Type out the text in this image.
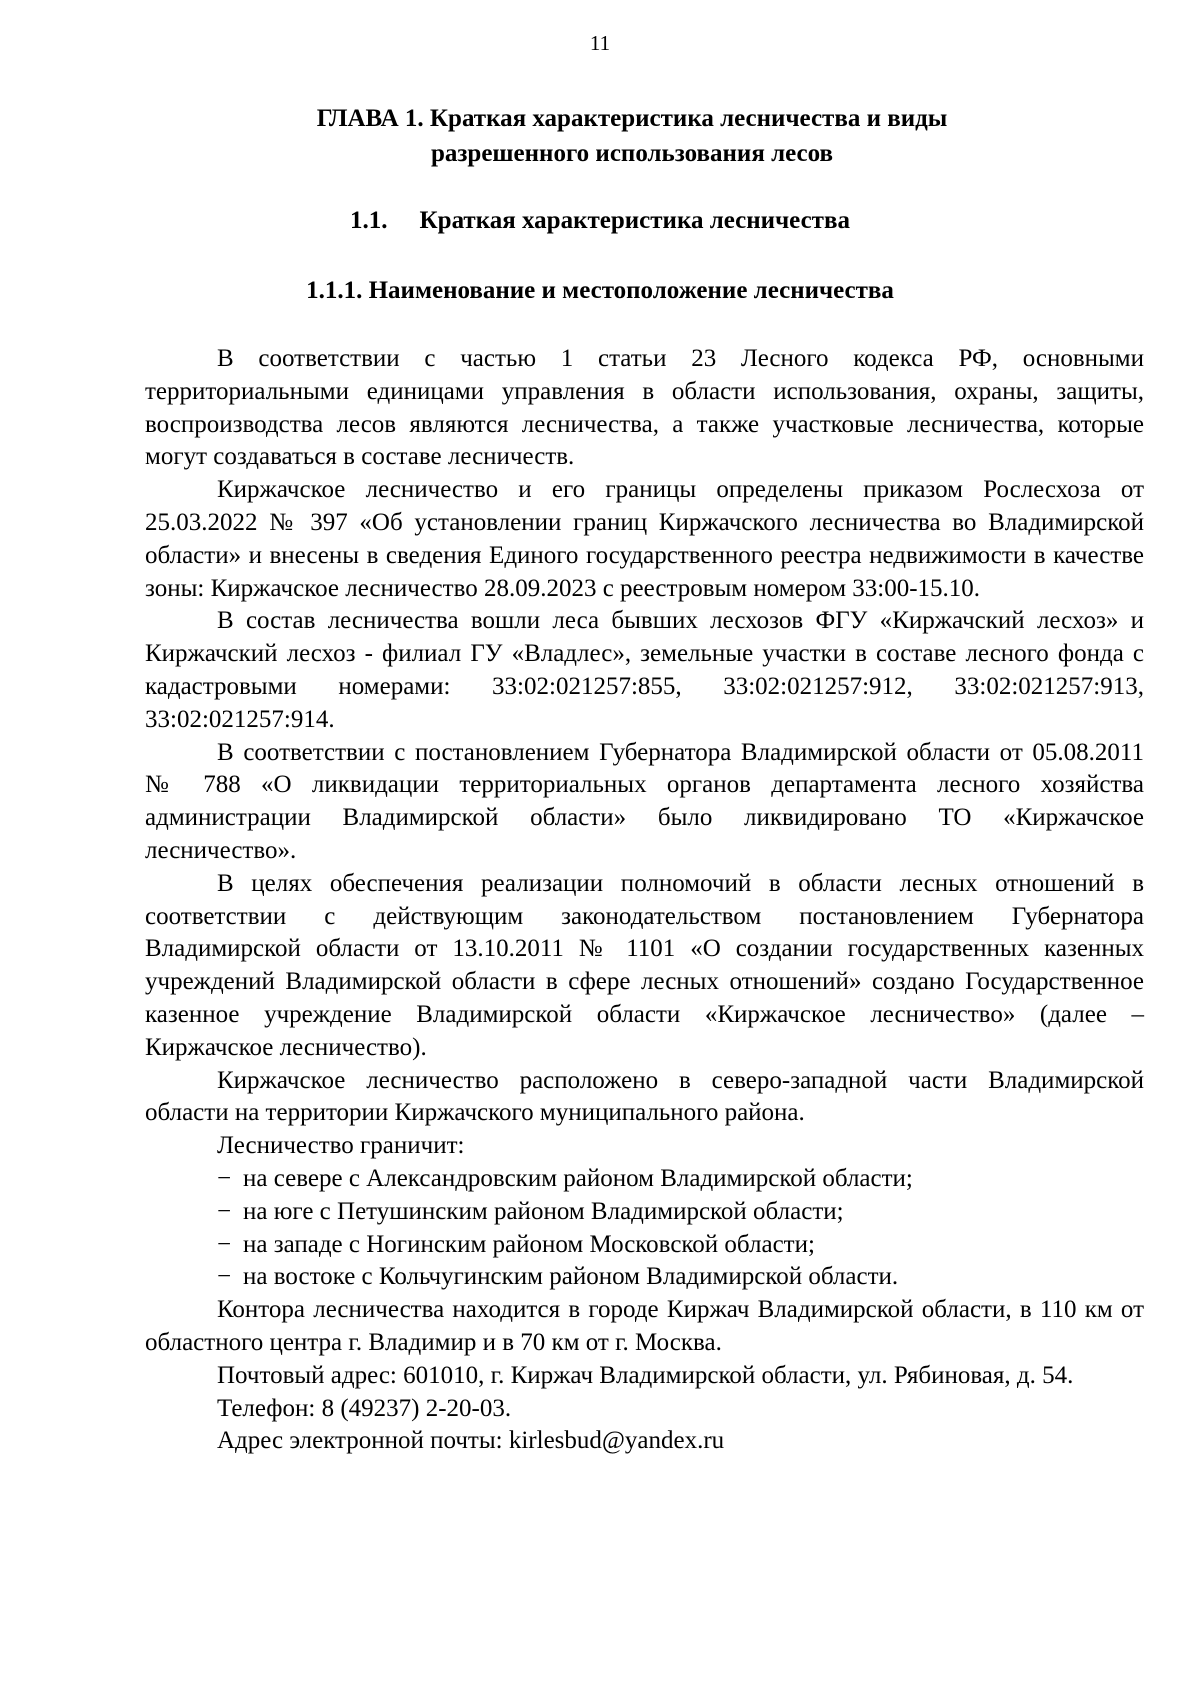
11
ГЛАВА 1. Краткая характеристика лесничества и виды разрешенного использования лесов
1.1. Краткая характеристика лесничества
1.1.1. Наименование и местоположение лесничества

В соответствии с частью 1 статьи 23 Лесного кодекса РФ, основными территориальными единицами управления в области использования, охраны, защиты, воспроизводства лесов являются лесничества, а также участковые лесничества, которые могут создаваться в составе лесничеств.

Киржачское лесничество и его границы определены приказом Рослесхоза от 25.03.2022 № 397 «Об установлении границ Киржачского лесничества во Владимирской области» и внесены в сведения Единого государственного реестра недвижимости в качестве зоны: Киржачское лесничество 28.09.2023 с реестровым номером 33:00-15.10.

В состав лесничества вошли леса бывших лесхозов ФГУ «Киржачский лесхоз» и Киржачский лесхоз - филиал ГУ «Владлес», земельные участки в составе лесного фонда с кадастровыми номерами: 33:02:021257:855, 33:02:021257:912, 33:02:021257:913, 33:02:021257:914.

В соответствии с постановлением Губернатора Владимирской области от 05.08.2011 № 788 «О ликвидации территориальных органов департамента лесного хозяйства администрации Владимирской области» было ликвидировано ТО «Киржачское лесничество».

В целях обеспечения реализации полномочий в области лесных отношений в соответствии с действующим законодательством постановлением Губернатора Владимирской области от 13.10.2011 № 1101 «О создании государственных казенных учреждений Владимирской области в сфере лесных отношений» создано Государственное казенное учреждение Владимирской области «Киржачское лесничество» (далее – Киржачское лесничество).

Киржачское лесничество расположено в северо-западной части Владимирской области на территории Киржачского муниципального района.

Лесничество граничит:

− на севере с Александровским районом Владимирской области;
− на юге с Петушинским районом Владимирской области;
− на западе с Ногинским районом Московской области;
− на востоке с Кольчугинским районом Владимирской области.

Контора лесничества находится в городе Киржач Владимирской области, в 110 км от областного центра г. Владимир и в 70 км от г. Москва.

Почтовый адрес: 601010, г. Киржач Владимирской области, ул. Рябиновая, д. 54.

Телефон: 8 (49237) 2-20-03.

Адрес электронной почты: kirlesbud@yandex.ru
